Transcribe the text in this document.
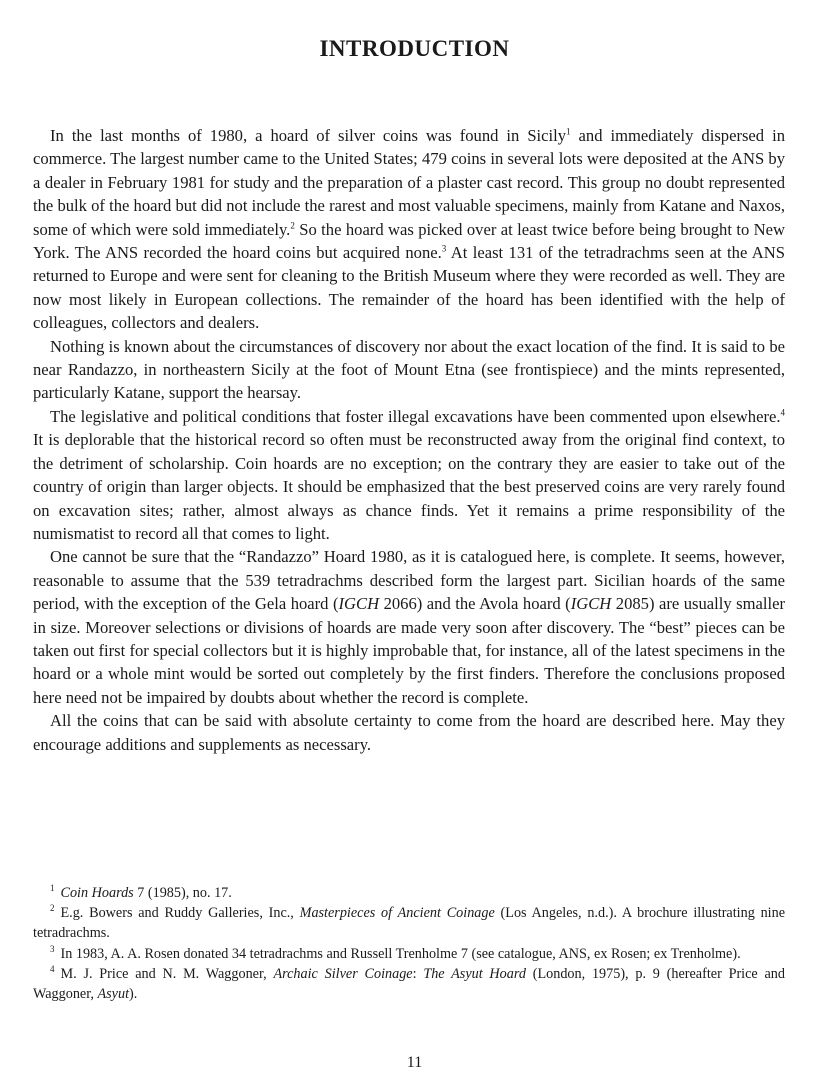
INTRODUCTION

In the last months of 1980, a hoard of silver coins was found in Sicily$^1$ and immediately dispersed in commerce. The largest number came to the United States; 479 coins in several lots were deposited at the ANS by a dealer in February 1981 for study and the preparation of a plaster cast record. This group no doubt represented the bulk of the hoard but did not include the rarest and most valuable specimens, mainly from Katane and Naxos, some of which were sold immediately.$^2$ So the hoard was picked over at least twice before being brought to New York. The ANS recorded the hoard coins but acquired none.$^3$ At least 131 of the tetradrachms seen at the ANS returned to Europe and were sent for cleaning to the British Museum where they were recorded as well. They are now most likely in European collections. The remainder of the hoard has been identified with the help of colleagues, collectors and dealers.

Nothing is known about the circumstances of discovery nor about the exact location of the find. It is said to be near Randazzo, in northeastern Sicily at the foot of Mount Etna (see frontispiece) and the mints represented, particularly Katane, support the hearsay.

The legislative and political conditions that foster illegal excavations have been commented upon elsewhere.$^4$ It is deplorable that the historical record so often must be reconstructed away from the original find context, to the detriment of scholarship. Coin hoards are no exception; on the contrary they are easier to take out of the country of origin than larger objects. It should be emphasized that the best preserved coins are very rarely found on excavation sites; rather, almost always as chance finds. Yet it remains a prime responsibility of the numismatist to record all that comes to light.

One cannot be sure that the “Randazzo” Hoard 1980, as it is catalogued here, is complete. It seems, however, reasonable to assume that the 539 tetradrachms described form the largest part. Sicilian hoards of the same period, with the exception of the Gela hoard (IGCH 2066) and the Avola hoard (IGCH 2085) are usually smaller in size. Moreover selections or divisions of hoards are made very soon after discovery. The “best” pieces can be taken out first for special collectors but it is highly improbable that, for instance, all of the latest specimens in the hoard or a whole mint would be sorted out completely by the first finders. Therefore the conclusions proposed here need not be impaired by doubts about whether the record is complete.

All the coins that can be said with absolute certainty to come from the hoard are described here. May they encourage additions and supplements as necessary.

$^1$ Coin Hoards 7 (1985), no. 17.

$^2$ E.g. Bowers and Ruddy Galleries, Inc., Masterpieces of Ancient Coinage (Los Angeles, n.d.). A brochure illustrating nine tetradrachms.

$^3$ In 1983, A. A. Rosen donated 34 tetradrachms and Russell Trenholme 7 (see catalogue, ANS, ex Rosen; ex Trenholme).

$^4$ M. J. Price and N. M. Waggoner, Archaic Silver Coinage: The Asyut Hoard (London, 1975), p. 9 (hereafter Price and Waggoner, Asyut).

11
